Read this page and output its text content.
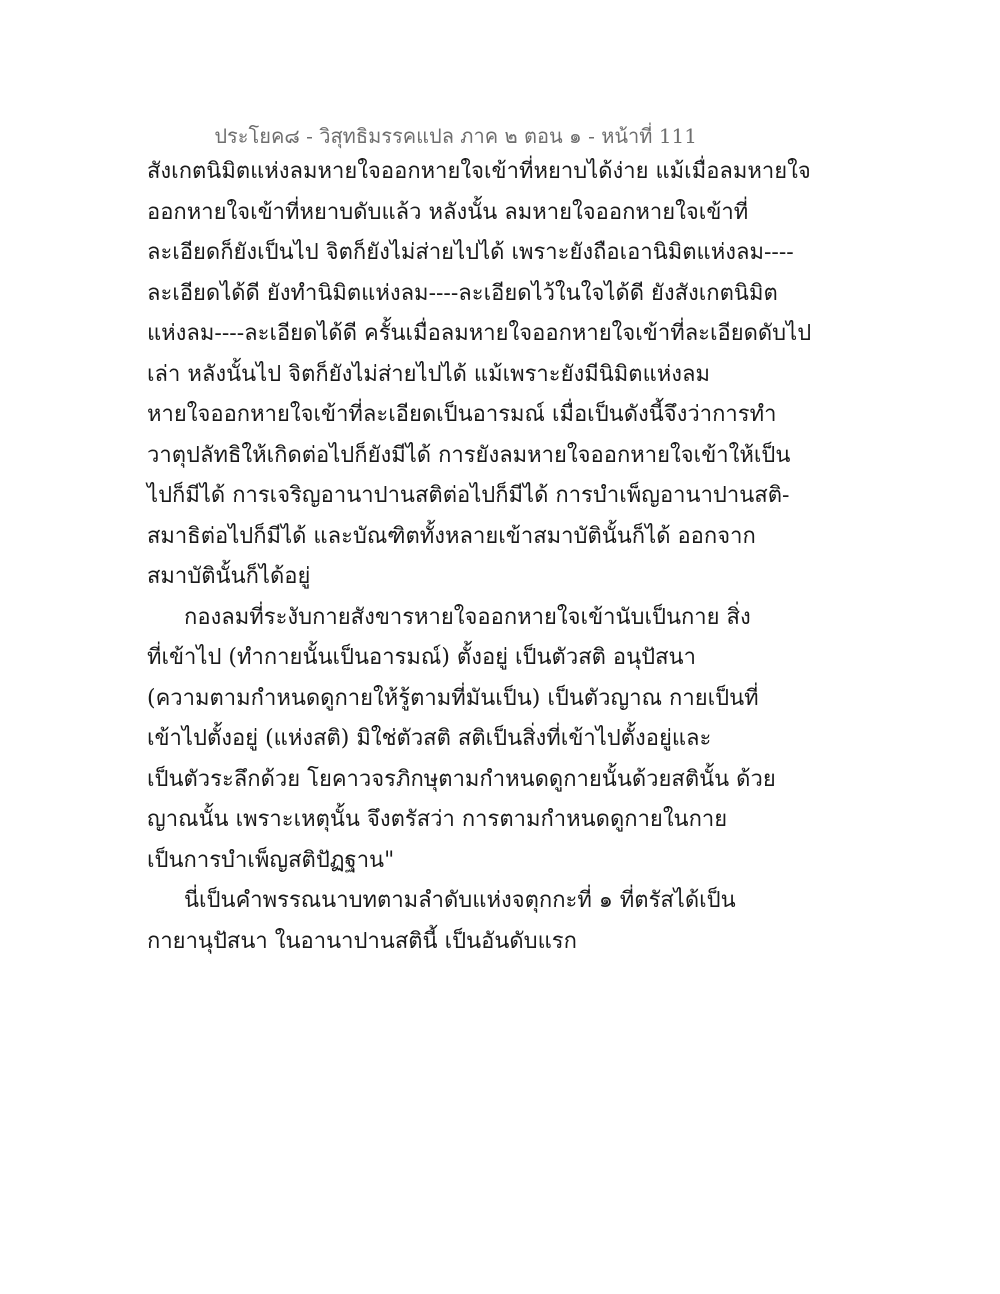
ประโยค๘ - วิสุทธิมรรคแปล ภาค ๒ ตอน ๑ - หน้าที่ 111
สังเกตนิมิตแห่งลมหายใจออกหายใจเข้าที่หยาบได้ง่าย แม้เมื่อลมหายใจ
ออกหายใจเข้าที่หยาบดับแล้ว หลังนั้น ลมหายใจออกหายใจเข้าที่
ละเอียดก็ยังเป็นไป จิตก็ยังไม่ส่ายไปได้ เพราะยังถือเอานิมิตแห่งลม----
ละเอียดได้ดี ยังทำนิมิตแห่งลม----ละเอียดไว้ในใจได้ดี ยังสังเกตนิมิต
แห่งลม----ละเอียดได้ดี ครั้นเมื่อลมหายใจออกหายใจเข้าที่ละเอียดดับไป
เล่า หลังนั้นไป จิตก็ยังไม่ส่ายไปได้ แม้เพราะยังมีนิมิตแห่งลม
หายใจออกหายใจเข้าที่ละเอียดเป็นอารมณ์ เมื่อเป็นดังนี้จึงว่าการทำ
วาตุปลัทธิให้เกิดต่อไปก็ยังมีได้ การยังลมหายใจออกหายใจเข้าให้เป็น
ไปก็มีได้ การเจริญอานาปานสติต่อไปก็มีได้ การบำเพ็ญอานาปานสติ-
สมาธิต่อไปก็มีได้ และบัณฑิตทั้งหลายเข้าสมาบัตินั้นก็ได้ ออกจาก
สมาบัตินั้นก็ได้อยู่
กองลมที่ระงับกายสังขารหายใจออกหายใจเข้านับเป็นกาย สิ่ง
ที่เข้าไป (ทำกายนั้นเป็นอารมณ์) ตั้งอยู่ เป็นตัวสติ อนุปัสนา
(ความตามกำหนดดูกายให้รู้ตามที่มันเป็น) เป็นตัวญาณ กายเป็นที่
เข้าไปตั้งอยู่ (แห่งสติ) มิใช่ตัวสติ สติเป็นสิ่งที่เข้าไปตั้งอยู่และ
เป็นตัวระลึกด้วย โยคาวจรภิกษุตามกำหนดดูกายนั้นด้วยสตินั้น ด้วย
ญาณนั้น เพราะเหตุนั้น จึงตรัสว่า การตามกำหนดดูกายในกาย
เป็นการบำเพ็ญสติปัฏฐาน"
นี่เป็นคำพรรณนาบทตามลำดับแห่งจตุกกะที่ ๑ ที่ตรัสได้เป็น
กายานุปัสนา ในอานาปานสตินี้ เป็นอันดับแรก
